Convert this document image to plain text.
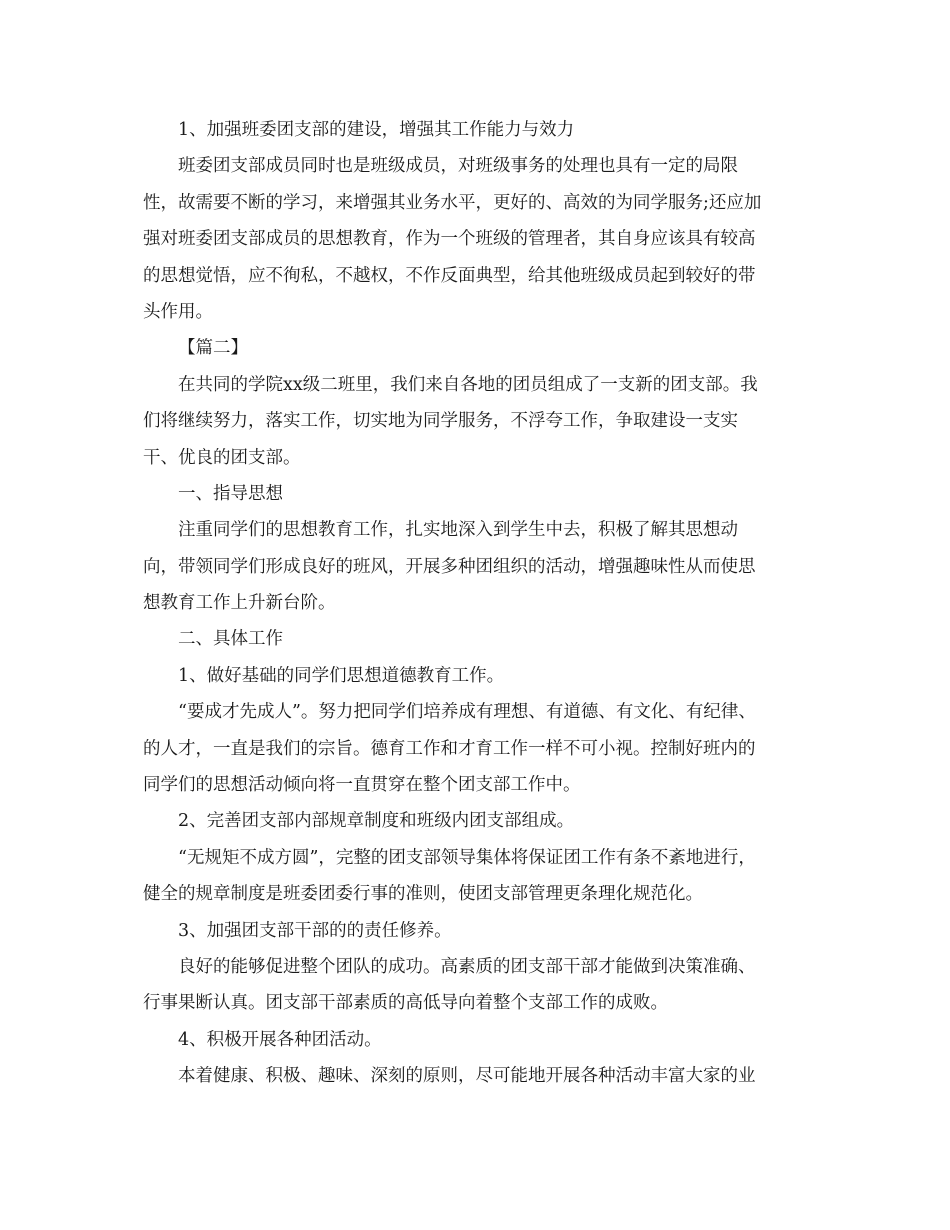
1、加强班委团支部的建设，增强其工作能力与效力
班委团支部成员同时也是班级成员，对班级事务的处理也具有一定的局限
性，故需要不断的学习，来增强其业务水平，更好的、高效的为同学服务;还应加
强对班委团支部成员的思想教育，作为一个班级的管理者，其自身应该具有较高
的思想觉悟，应不徇私，不越权，不作反面典型，给其他班级成员起到较好的带
头作用。
【篇二】
在共同的学院xx级二班里，我们来自各地的团员组成了一支新的团支部。我
们将继续努力，落实工作，切实地为同学服务，不浮夸工作，争取建设一支实
干、优良的团支部。
一、指导思想
注重同学们的思想教育工作，扎实地深入到学生中去，积极了解其思想动
向，带领同学们形成良好的班风，开展多种团组织的活动，增强趣味性从而使思
想教育工作上升新台阶。
二、具体工作
1、做好基础的同学们思想道德教育工作。
“要成才先成人”。努力把同学们培养成有理想、有道德、有文化、有纪律、
的人才，一直是我们的宗旨。德育工作和才育工作一样不可小视。控制好班内的
同学们的思想活动倾向将一直贯穿在整个团支部工作中。
2、完善团支部内部规章制度和班级内团支部组成。
“无规矩不成方圆”，完整的团支部领导集体将保证团工作有条不紊地进行，
健全的规章制度是班委团委行事的准则，使团支部管理更条理化规范化。
3、加强团支部干部的的责任修养。
良好的能够促进整个团队的成功。高素质的团支部干部才能做到决策准确、
行事果断认真。团支部干部素质的高低导向着整个支部工作的成败。
4、积极开展各种团活动。
本着健康、积极、趣味、深刻的原则，尽可能地开展各种活动丰富大家的业
